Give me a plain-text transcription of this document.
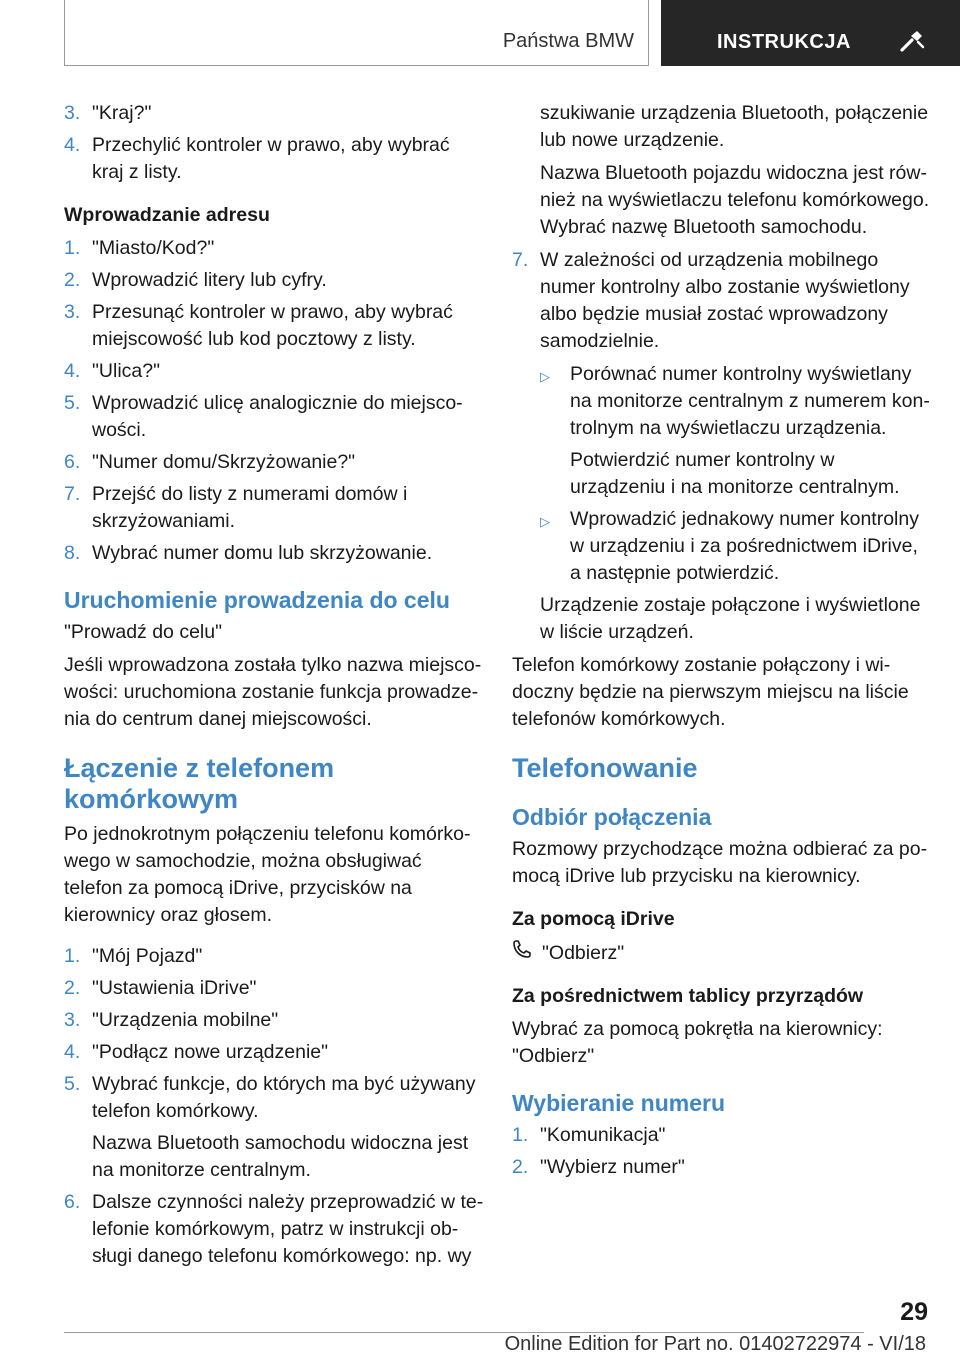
Państwa BMW	INSTRUKCJA
3. "Kraj?"
4. Przechylić kontroler w prawo, aby wybrać kraj z listy.
Wprowadzanie adresu
1. "Miasto/Kod?"
2. Wprowadzić litery lub cyfry.
3. Przesunąć kontroler w prawo, aby wybrać miejscowość lub kod pocztowy z listy.
4. "Ulica?"
5. Wprowadzić ulicę analogicznie do miejscowości.
6. "Numer domu/Skrzyżowanie?"
7. Przejść do listy z numerami domów i skrzyżowaniami.
8. Wybrać numer domu lub skrzyżowanie.
Uruchomienie prowadzenia do celu
"Prowadź do celu"
Jeśli wprowadzona została tylko nazwa miejscowości: uruchomiona zostanie funkcja prowadzenia do centrum danej miejscowości.
Łączenie z telefonem komórkowym
Po jednokrotnym połączeniu telefonu komórkowego w samochodzie, można obsługiwać telefon za pomocą iDrive, przycisków na kierownicy oraz głosem.
1. "Mój Pojazd"
2. "Ustawienia iDrive"
3. "Urządzenia mobilne"
4. "Podłącz nowe urządzenie"
5. Wybrać funkcje, do których ma być używany telefon komórkowy.
Nazwa Bluetooth samochodu widoczna jest na monitorze centralnym.
6. Dalsze czynności należy przeprowadzić w telefonie komórkowym, patrz w instrukcji obsługi danego telefonu komórkowego: np. wy
szukiwanie urządzenia Bluetooth, połączenie lub nowe urządzenie.
Nazwa Bluetooth pojazdu widoczna jest również na wyświetlaczu telefonu komórkowego. Wybrać nazwę Bluetooth samochodu.
7. W zależności od urządzenia mobilnego numer kontrolny albo zostanie wyświetlony albo będzie musiał zostać wprowadzony samodzielnie.
▷	Porównać numer kontrolny wyświetlany na monitorze centralnym z numerem kontrolnym na wyświetlaczu urządzenia.
Potwierdzić numer kontrolny w urządzeniu i na monitorze centralnym.
▷	Wprowadzić jednakowy numer kontrolny w urządzeniu i za pośrednictwem iDrive, a następnie potwierdzić.
Urządzenie zostaje połączone i wyświetlone w liście urządzeń.
Telefon komórkowy zostanie połączony i widoczny będzie na pierwszym miejscu na liście telefonów komórkowych.
Telefonowanie
Odbiór połączenia
Rozmowy przychodzące można odbierać za pomocą iDrive lub przycisku na kierownicy.
Za pomocą iDrive
"Odbierz"
Za pośrednictwem tablicy przyrządów
Wybrać za pomocą pokrętła na kierownicy:
"Odbierz"
Wybieranie numeru
1. "Komunikacja"
2. "Wybierz numer"
29
Online Edition for Part no. 01402722974 - VI/18
